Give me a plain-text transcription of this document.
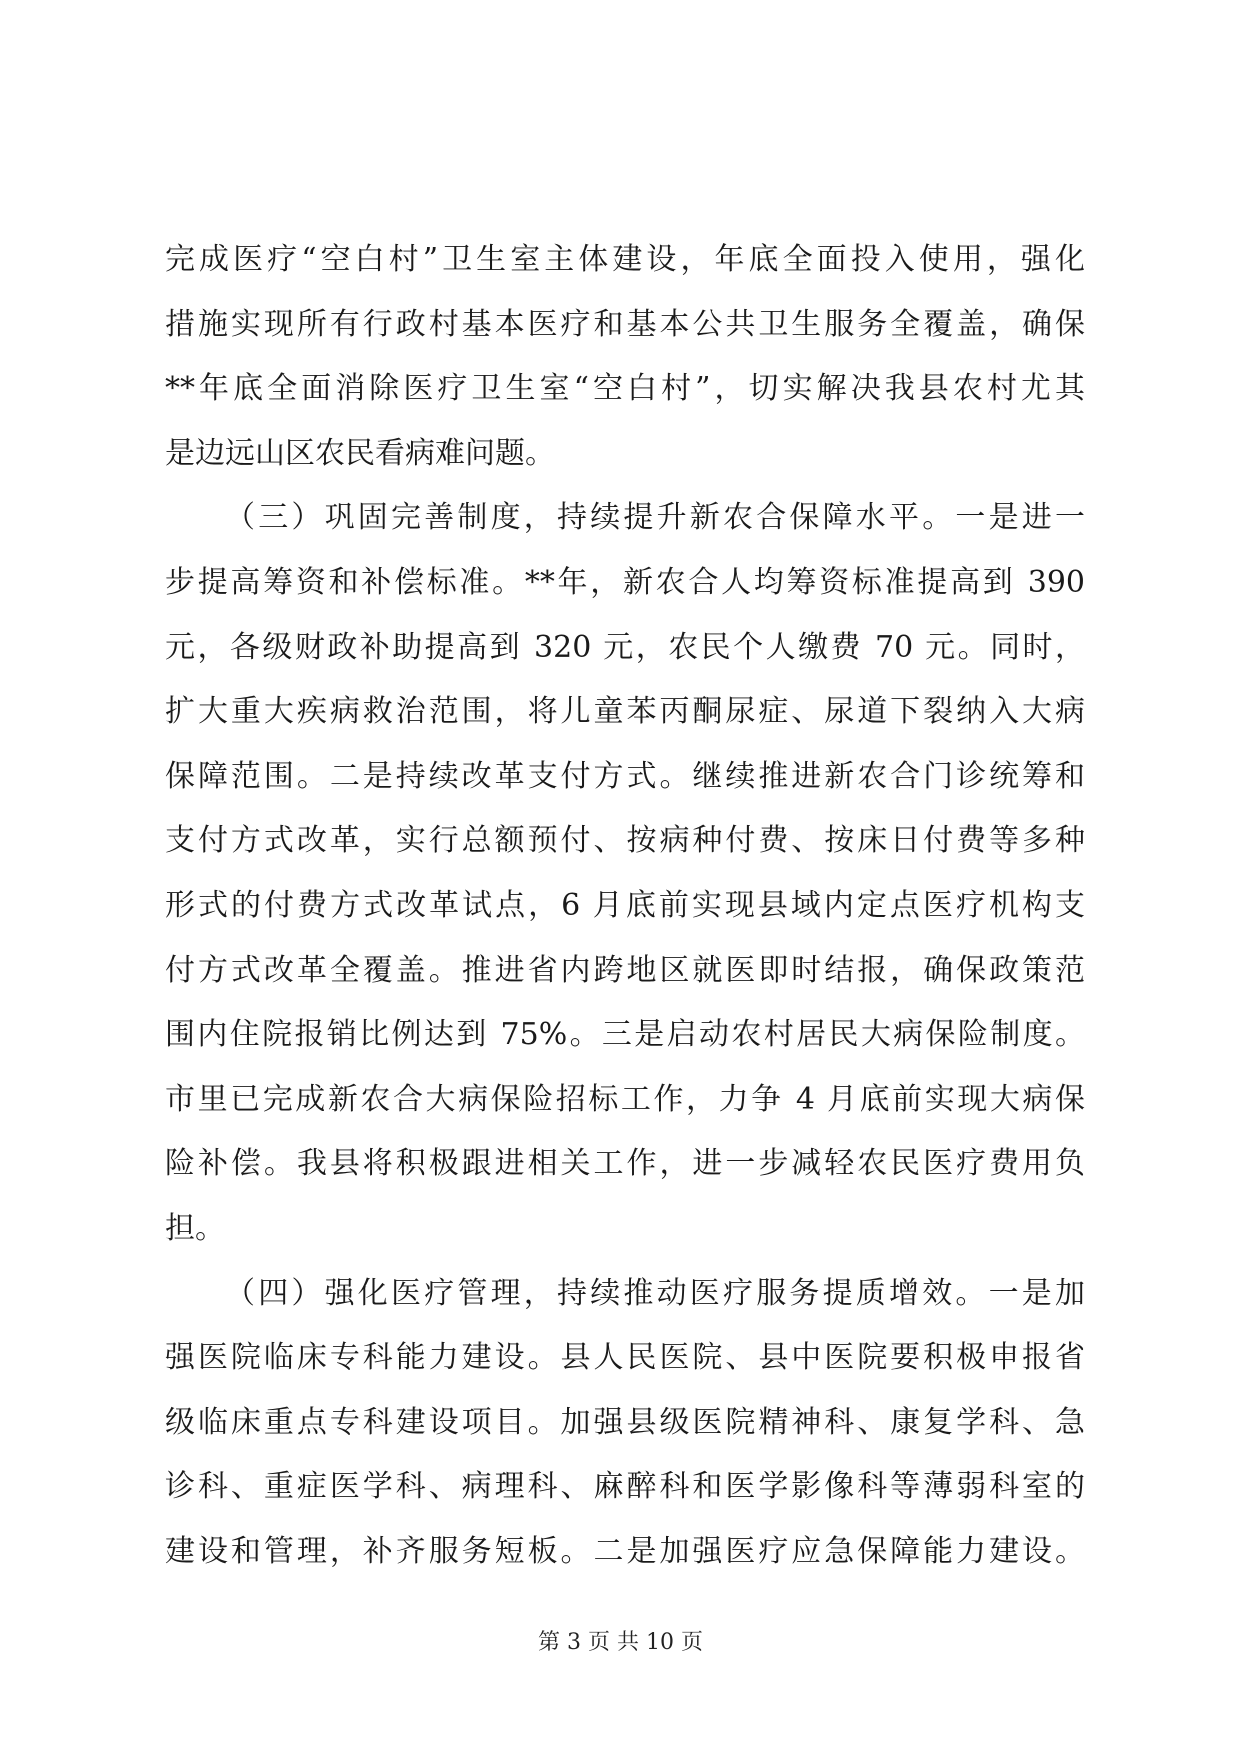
完成医疗“空白村”卫生室主体建设，年底全面投入使用，强化
措施实现所有行政村基本医疗和基本公共卫生服务全覆盖，确保
**年底全面消除医疗卫生室“空白村”，切实解决我县农村尤其
是边远山区农民看病难问题。
（三）巩固完善制度，持续提升新农合保障水平。一是进一
步提高筹资和补偿标准。**年，新农合人均筹资标准提高到 390
元，各级财政补助提高到 320 元，农民个人缴费 70 元。同时，
扩大重大疾病救治范围，将儿童苯丙酮尿症、尿道下裂纳入大病
保障范围。二是持续改革支付方式。继续推进新农合门诊统筹和
支付方式改革，实行总额预付、按病种付费、按床日付费等多种
形式的付费方式改革试点，6 月底前实现县域内定点医疗机构支
付方式改革全覆盖。推进省内跨地区就医即时结报，确保政策范
围内住院报销比例达到 75%。三是启动农村居民大病保险制度。
市里已完成新农合大病保险招标工作，力争 4 月底前实现大病保
险补偿。我县将积极跟进相关工作，进一步减轻农民医疗费用负
担。
（四）强化医疗管理，持续推动医疗服务提质增效。一是加
强医院临床专科能力建设。县人民医院、县中医院要积极申报省
级临床重点专科建设项目。加强县级医院精神科、康复学科、急
诊科、重症医学科、病理科、麻醉科和医学影像科等薄弱科室的
建设和管理，补齐服务短板。二是加强医疗应急保障能力建设。
第 3 页 共 10 页
